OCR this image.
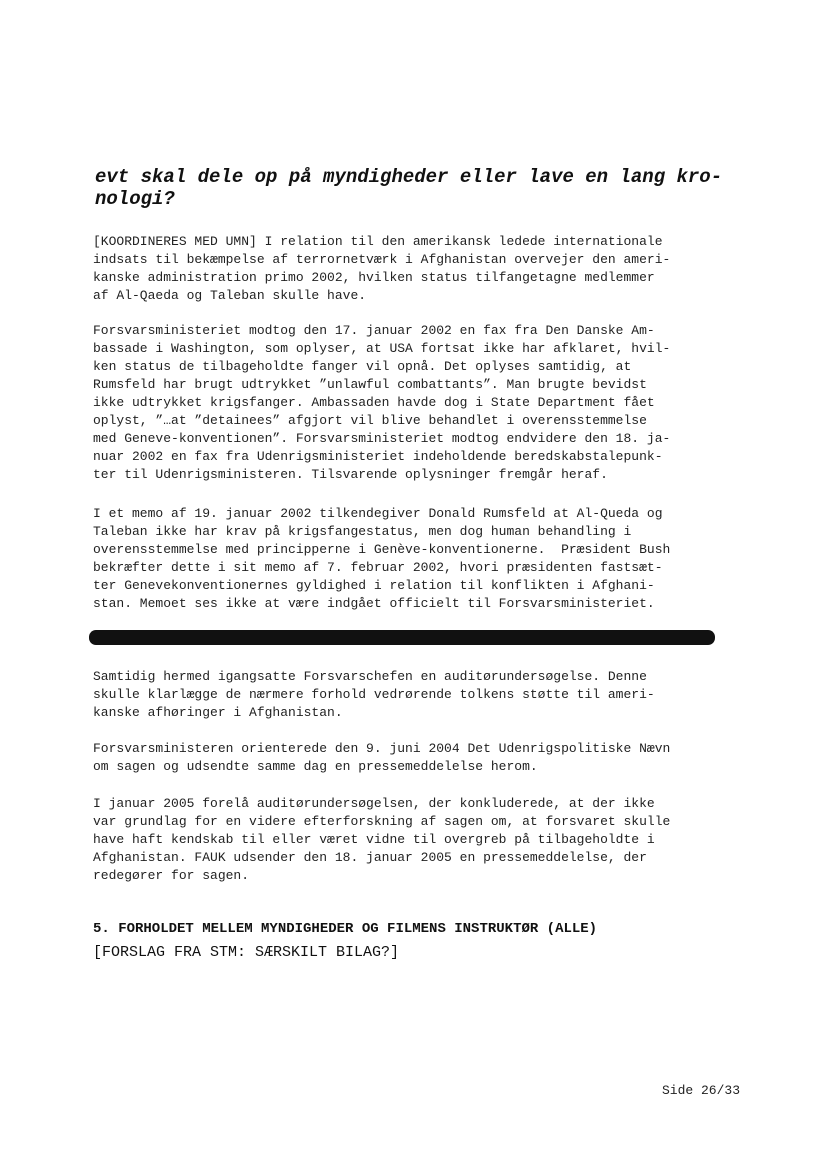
evt skal dele op på myndigheder eller lave en lang kro-
nologi?
[KOORDINERES MED UMN] I relation til den amerikansk ledede internationale
indsats til bekæmpelse af terrornetværk i Afghanistan overvejer den ameri-
kanske administration primo 2002, hvilken status tilfangetagne medlemmer
af Al-Qaeda og Taleban skulle have.
Forsvarsministeriet modtog den 17. januar 2002 en fax fra Den Danske Am-
bassade i Washington, som oplyser, at USA fortsat ikke har afklaret, hvil-
ken status de tilbageholdte fanger vil opnå. Det oplyses samtidig, at
Rumsfeld har brugt udtrykket ”unlawful combattants”. Man brugte bevidst
ikke udtrykket krigsfanger. Ambassaden havde dog i State Department fået
oplyst, ”…at ”detainees” afgjort vil blive behandlet i overensstemmelse
med Geneve-konventionen”. Forsvarsministeriet modtog endvidere den 18. ja-
nuar 2002 en fax fra Udenrigsministeriet indeholdende beredskabstalepunk-
ter til Udenrigsministeren. Tilsvarende oplysninger fremgår heraf.
I et memo af 19. januar 2002 tilkendegiver Donald Rumsfeld at Al-Queda og
Taleban ikke har krav på krigsfangestatus, men dog human behandling i
overensstemmelse med principperne i Genève-konventionerne.  Præsident Bush
bekræfter dette i sit memo af 7. februar 2002, hvori præsidenten fastsæt-
ter Genevekonventionernes gyldighed i relation til konflikten i Afghani-
stan. Memoet ses ikke at være indgået officielt til Forsvarsministeriet.
Samtidig hermed igangsatte Forsvarschefen en auditørundersøgelse. Denne
skulle klarlægge de nærmere forhold vedrørende tolkens støtte til ameri-
kanske afhøringer i Afghanistan.
Forsvarsministeren orienterede den 9. juni 2004 Det Udenrigspolitiske Nævn
om sagen og udsendte samme dag en pressemeddelelse herom.
I januar 2005 forelå auditørundersøgelsen, der konkluderede, at der ikke
var grundlag for en videre efterforskning af sagen om, at forsvaret skulle
have haft kendskab til eller været vidne til overgreb på tilbageholdte i
Afghanistan. FAUK udsender den 18. januar 2005 en pressemeddelelse, der
redegører for sagen.
5. FORHOLDET MELLEM MYNDIGHEDER OG FILMENS INSTRUKTØR (ALLE)
[FORSLAG FRA STM: SÆRSKILT BILAG?]
Side 26/33
